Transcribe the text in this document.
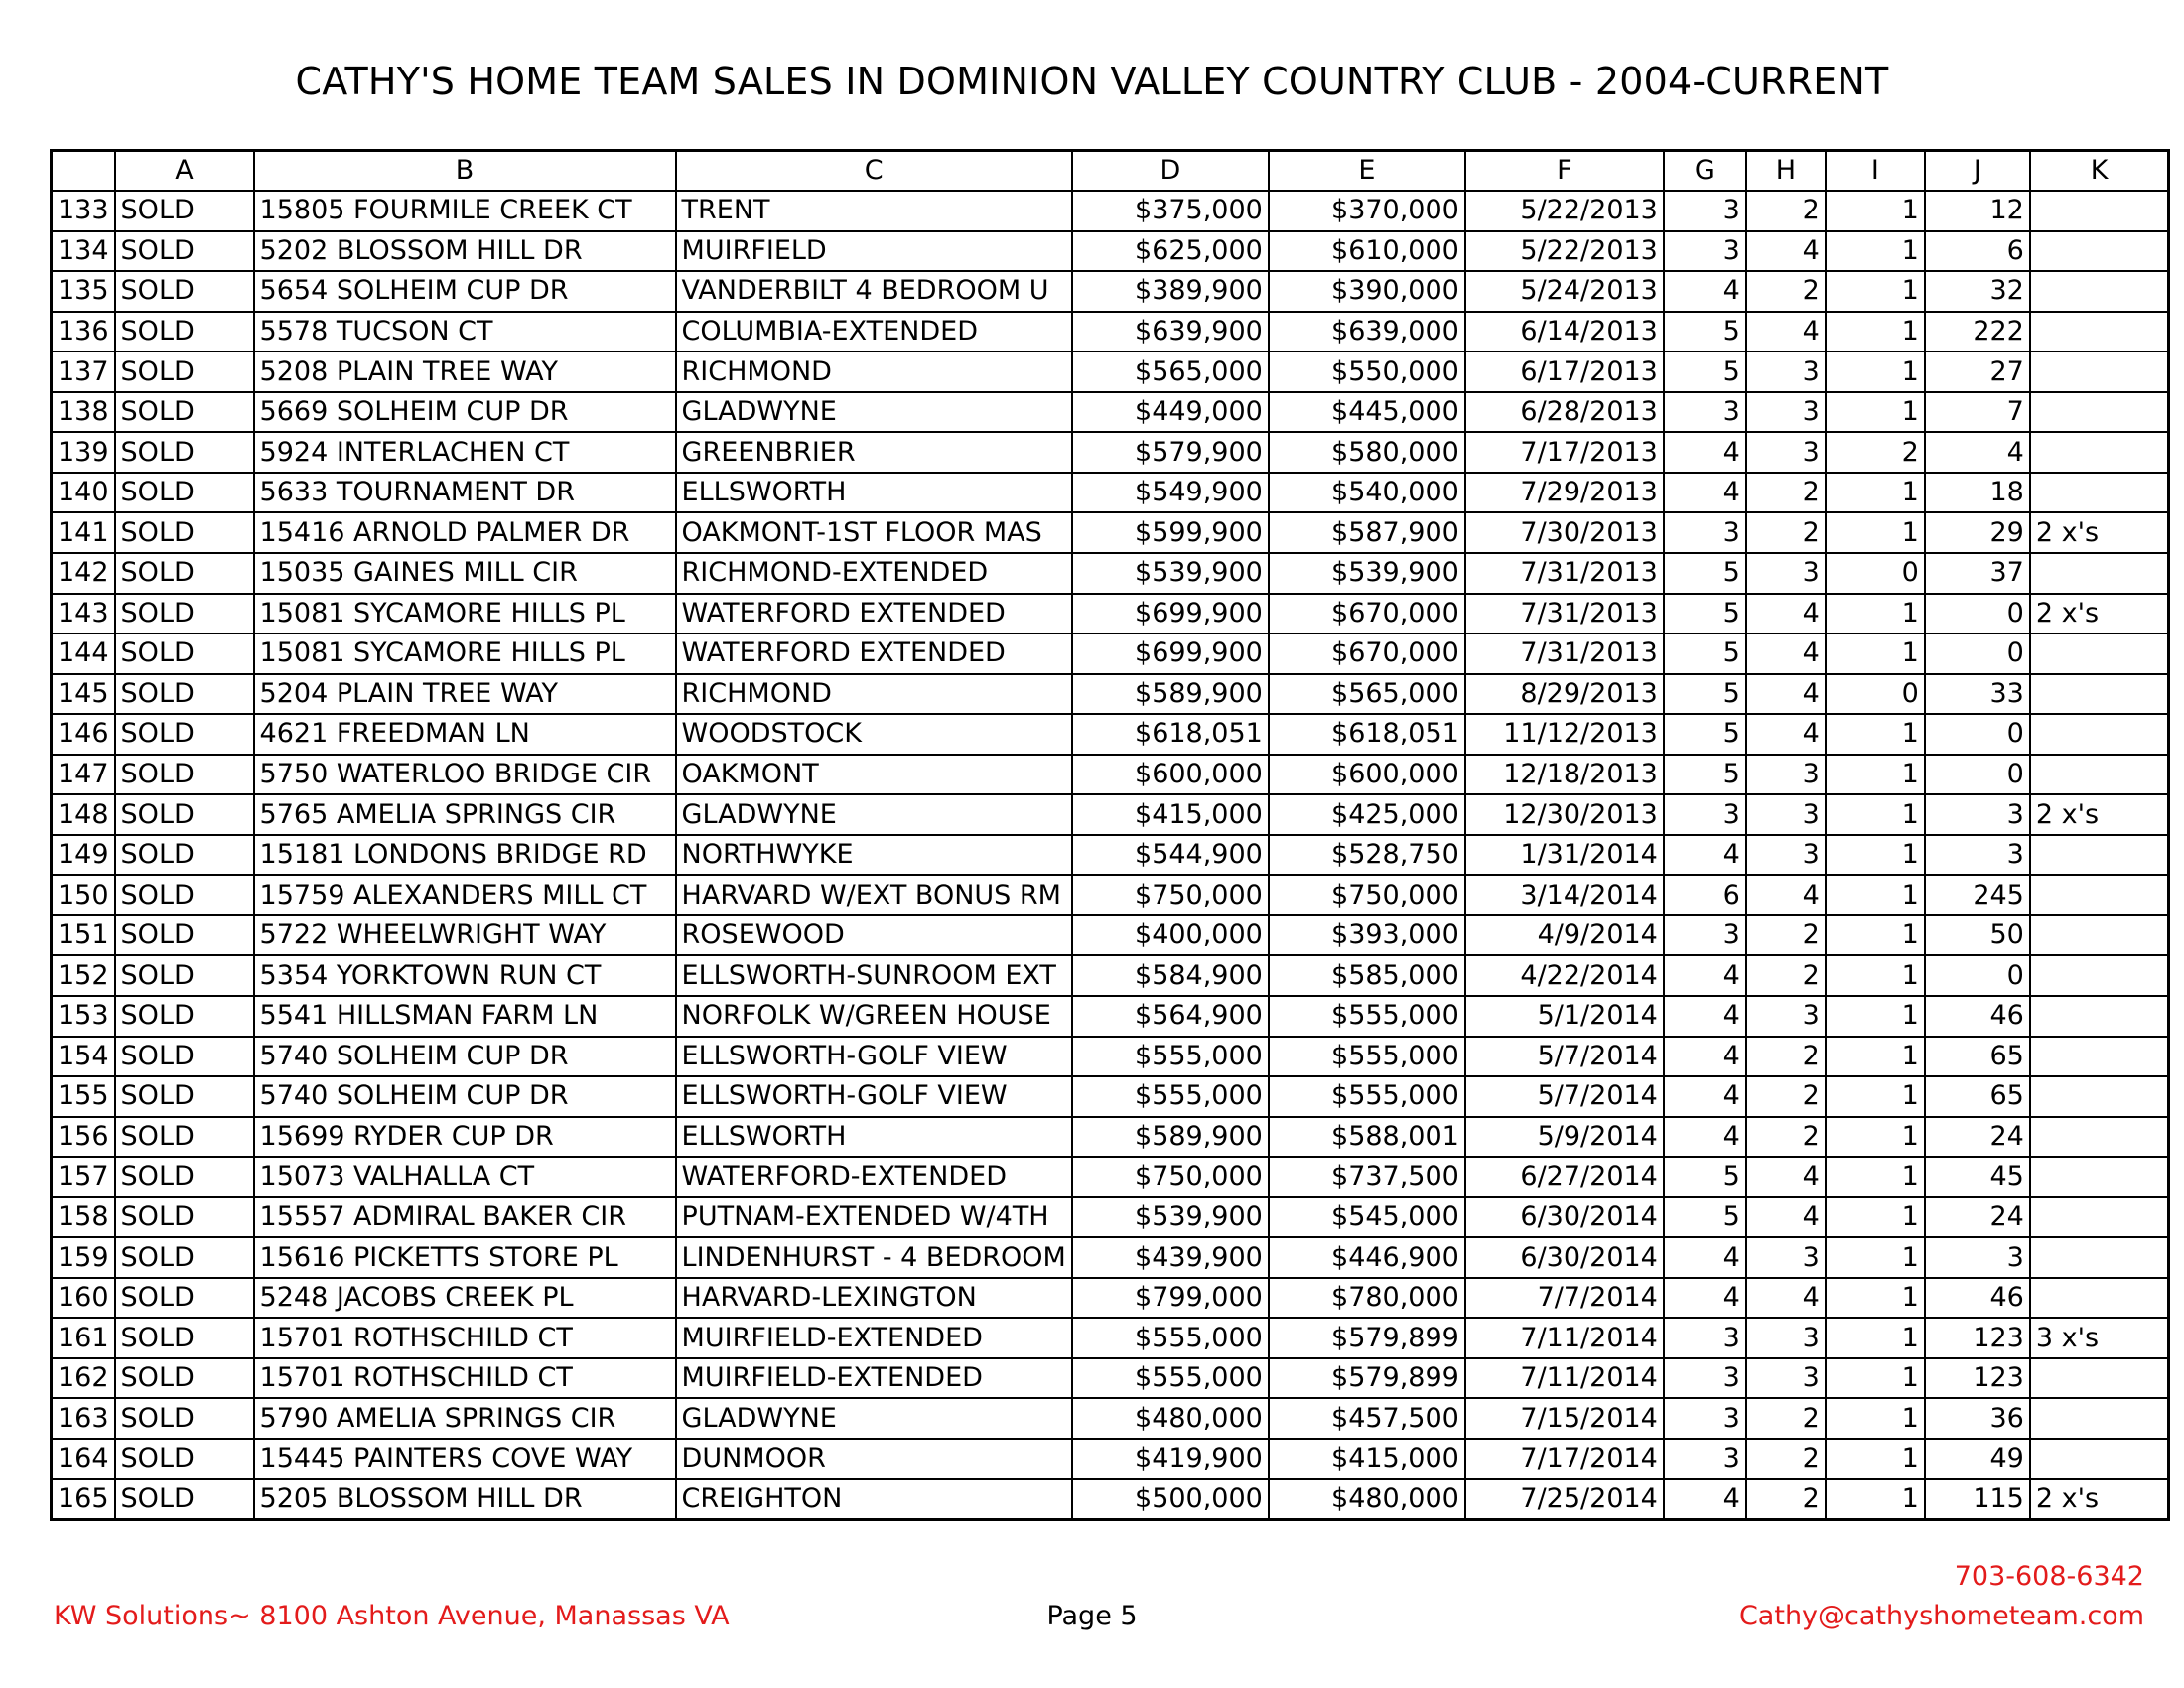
CATHY'S HOME TEAM SALES IN DOMINION VALLEY COUNTRY CLUB - 2004-CURRENT
	A	B	C	D	E	F	G	H	I	J	K
133	SOLD	15805 FOURMILE CREEK CT	TRENT	$375,000	$370,000	5/22/2013	3	2	1	12	
134	SOLD	5202 BLOSSOM HILL DR	MUIRFIELD	$625,000	$610,000	5/22/2013	3	4	1	6	
135	SOLD	5654 SOLHEIM CUP DR	VANDERBILT 4 BEDROOM U	$389,900	$390,000	5/24/2013	4	2	1	32	
136	SOLD	5578 TUCSON CT	COLUMBIA-EXTENDED	$639,900	$639,000	6/14/2013	5	4	1	222	
137	SOLD	5208 PLAIN TREE WAY	RICHMOND	$565,000	$550,000	6/17/2013	5	3	1	27	
138	SOLD	5669 SOLHEIM CUP DR	GLADWYNE	$449,000	$445,000	6/28/2013	3	3	1	7	
139	SOLD	5924 INTERLACHEN CT	GREENBRIER	$579,900	$580,000	7/17/2013	4	3	2	4	
140	SOLD	5633 TOURNAMENT DR	ELLSWORTH	$549,900	$540,000	7/29/2013	4	2	1	18	
141	SOLD	15416 ARNOLD PALMER DR	OAKMONT-1ST FLOOR MAS	$599,900	$587,900	7/30/2013	3	2	1	29	2 x's
142	SOLD	15035 GAINES MILL CIR	RICHMOND-EXTENDED	$539,900	$539,900	7/31/2013	5	3	0	37	
143	SOLD	15081 SYCAMORE HILLS PL	WATERFORD EXTENDED	$699,900	$670,000	7/31/2013	5	4	1	0	2 x's
144	SOLD	15081 SYCAMORE HILLS PL	WATERFORD EXTENDED	$699,900	$670,000	7/31/2013	5	4	1	0	
145	SOLD	5204 PLAIN TREE WAY	RICHMOND	$589,900	$565,000	8/29/2013	5	4	0	33	
146	SOLD	4621 FREEDMAN LN	WOODSTOCK	$618,051	$618,051	11/12/2013	5	4	1	0	
147	SOLD	5750 WATERLOO BRIDGE CIR	OAKMONT	$600,000	$600,000	12/18/2013	5	3	1	0	
148	SOLD	5765 AMELIA SPRINGS CIR	GLADWYNE	$415,000	$425,000	12/30/2013	3	3	1	3	2 x's
149	SOLD	15181 LONDONS BRIDGE RD	NORTHWYKE	$544,900	$528,750	1/31/2014	4	3	1	3	
150	SOLD	15759 ALEXANDERS MILL CT	HARVARD W/EXT BONUS RM	$750,000	$750,000	3/14/2014	6	4	1	245	
151	SOLD	5722 WHEELWRIGHT WAY	ROSEWOOD	$400,000	$393,000	4/9/2014	3	2	1	50	
152	SOLD	5354 YORKTOWN RUN CT	ELLSWORTH-SUNROOM EXT	$584,900	$585,000	4/22/2014	4	2	1	0	
153	SOLD	5541 HILLSMAN FARM LN	NORFOLK W/GREEN HOUSE	$564,900	$555,000	5/1/2014	4	3	1	46	
154	SOLD	5740 SOLHEIM CUP DR	ELLSWORTH-GOLF VIEW	$555,000	$555,000	5/7/2014	4	2	1	65	
155	SOLD	5740 SOLHEIM CUP DR	ELLSWORTH-GOLF VIEW	$555,000	$555,000	5/7/2014	4	2	1	65	
156	SOLD	15699 RYDER CUP DR	ELLSWORTH	$589,900	$588,001	5/9/2014	4	2	1	24	
157	SOLD	15073 VALHALLA CT	WATERFORD-EXTENDED	$750,000	$737,500	6/27/2014	5	4	1	45	
158	SOLD	15557 ADMIRAL BAKER CIR	PUTNAM-EXTENDED W/4TH	$539,900	$545,000	6/30/2014	5	4	1	24	
159	SOLD	15616 PICKETTS STORE PL	LINDENHURST - 4 BEDROOM	$439,900	$446,900	6/30/2014	4	3	1	3	
160	SOLD	5248 JACOBS CREEK PL	HARVARD-LEXINGTON	$799,000	$780,000	7/7/2014	4	4	1	46	
161	SOLD	15701 ROTHSCHILD CT	MUIRFIELD-EXTENDED	$555,000	$579,899	7/11/2014	3	3	1	123	3 x's
162	SOLD	15701 ROTHSCHILD CT	MUIRFIELD-EXTENDED	$555,000	$579,899	7/11/2014	3	3	1	123	
163	SOLD	5790 AMELIA SPRINGS CIR	GLADWYNE	$480,000	$457,500	7/15/2014	3	2	1	36	
164	SOLD	15445 PAINTERS COVE WAY	DUNMOOR	$419,900	$415,000	7/17/2014	3	2	1	49	
165	SOLD	5205 BLOSSOM HILL DR	CREIGHTON	$500,000	$480,000	7/25/2014	4	2	1	115	2 x's
KW Solutions~ 8100 Ashton Avenue, Manassas VA	Page 5
703-608-6342
Cathy@cathyshometeam.com
